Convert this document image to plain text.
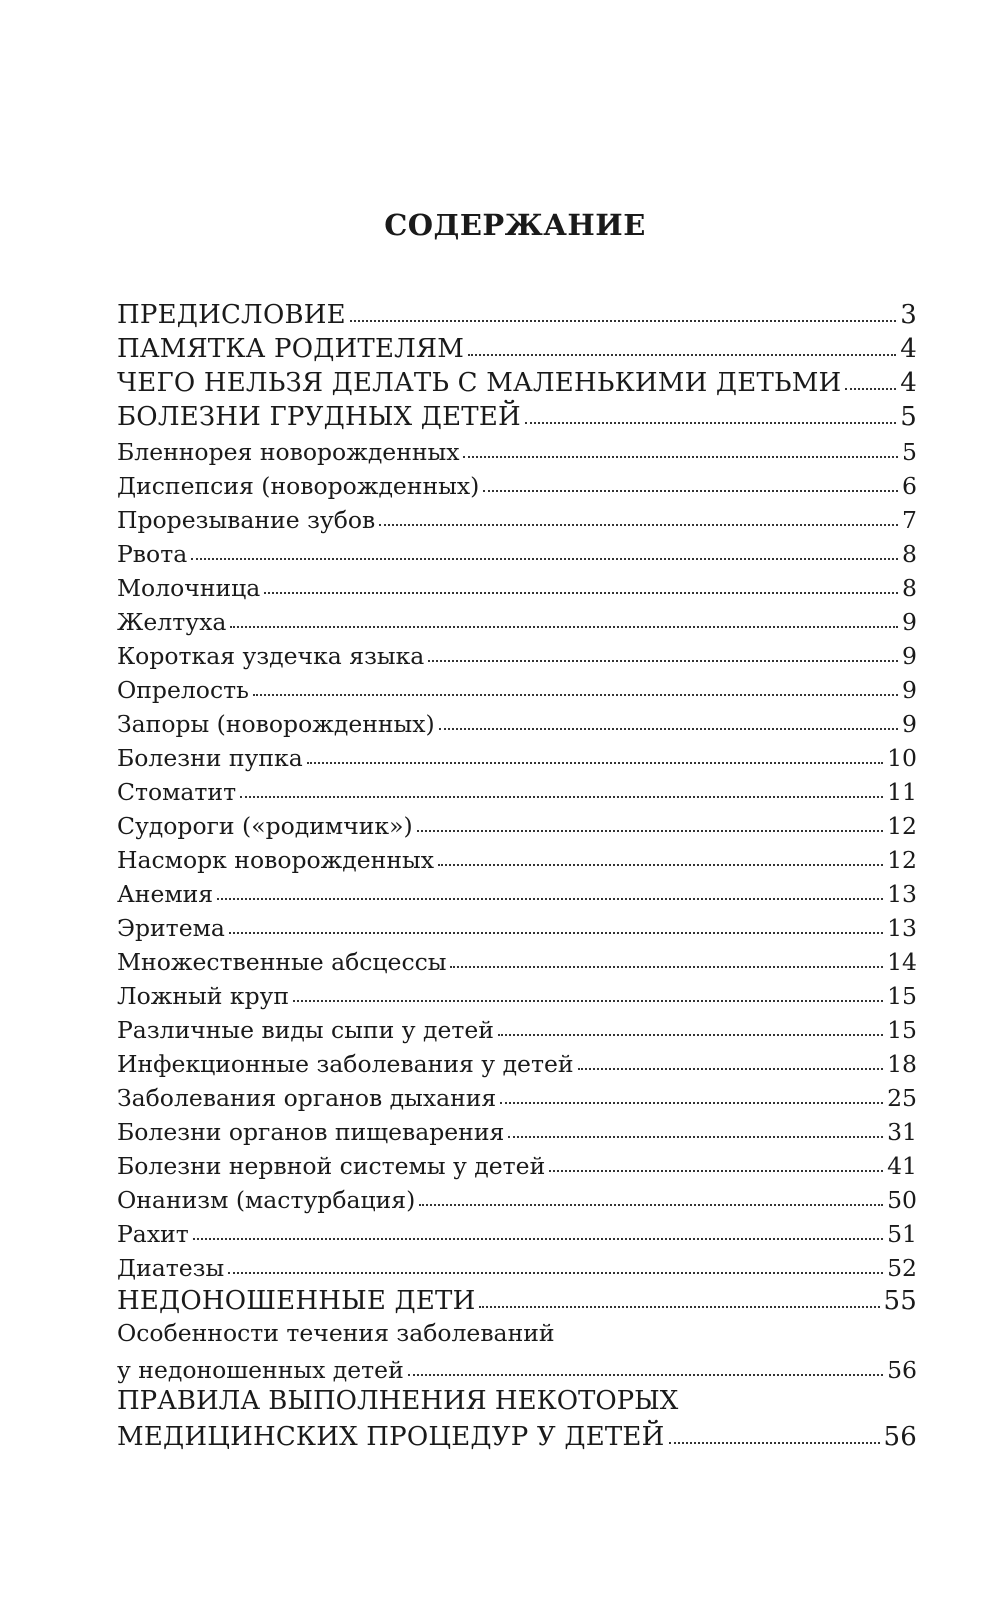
СОДЕРЖАНИЕ
ПРЕДИСЛОВИЕ	3
ПАМЯТКА РОДИТЕЛЯМ	4
ЧЕГО НЕЛЬЗЯ ДЕЛАТЬ С МАЛЕНЬКИМИ ДЕТЬМИ 4
БОЛЕЗНИ ГРУДНЫХ ДЕТЕЙ	5
Бленнорея новорожденных	5
Диспепсия (новорожденных)	6
Прорезывание зубов	7
Рвота	8
Молочница	8
Желтуха	9
Короткая уздечка языка	9
Опрелость	9
Запоры (новорожденных)	9
Болезни пупка	10
Стоматит	11
Судороги («родимчик»)	12
Насморк новорожденных	12
Анемия	13
Эритема	13
Множественные абсцессы	14
Ложный круп	15
Различные виды сыпи у детей	15
Инфекционные заболевания у детей	18
Заболевания органов дыхания	25
Болезни органов пищеварения	31
Болезни нервной системы у детей	41
Онанизм (мастурбация)	50
Рахит	51
Диатезы	52
НЕДОНОШЕННЫЕ ДЕТИ	55
Особенности течения заболеваний
у недоношенных детей	56
ПРАВИЛА ВЫПОЛНЕНИЯ НЕКОТОРЫХ
МЕДИЦИНСКИХ ПРОЦЕДУР У ДЕТЕЙ	56
